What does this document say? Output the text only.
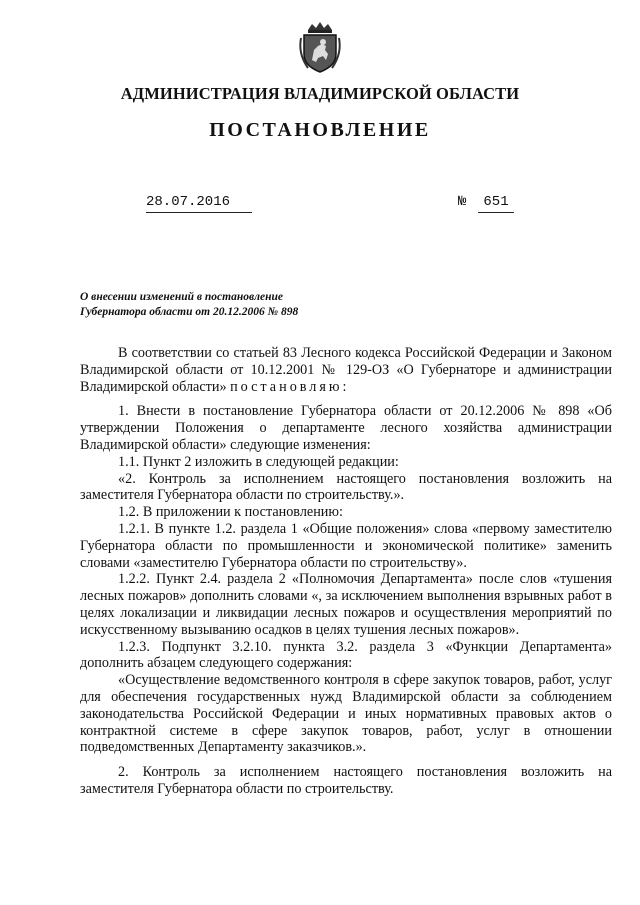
АДМИНИСТРАЦИЯ ВЛАДИМИРСКОЙ ОБЛАСТИ
ПОСТАНОВЛЕНИЕ
28.07.2016	№	651
О внесении изменений в постановление
Губернатора области от 20.12.2006 № 898

В соответствии со статьей 83 Лесного кодекса Российской Федерации и Законом Владимирской области от 10.12.2001 № 129-ОЗ «О Губернаторе и администрации Владимирской области» постановляю:

1. Внести в постановление Губернатора области от 20.12.2006 № 898 «Об утверждении Положения о департаменте лесного хозяйства администрации Владимирской области» следующие изменения:

1.1. Пункт 2 изложить в следующей редакции:

«2. Контроль за исполнением настоящего постановления возложить на заместителя Губернатора области по строительству.».

1.2. В приложении к постановлению:

1.2.1. В пункте 1.2. раздела 1 «Общие положения» слова «первому заместителю Губернатора области по промышленности и экономической политике» заменить словами «заместителю Губернатора области по строительству».

1.2.2. Пункт 2.4. раздела 2 «Полномочия Департамента» после слов «тушения лесных пожаров» дополнить словами «, за исключением выполнения взрывных работ в целях локализации и ликвидации лесных пожаров и осуществления мероприятий по искусственному вызыванию осадков в целях тушения лесных пожаров».

1.2.3. Подпункт 3.2.10. пункта 3.2. раздела 3 «Функции Департамента» дополнить абзацем следующего содержания:

«Осуществление ведомственного контроля в сфере закупок товаров, работ, услуг для обеспечения государственных нужд Владимирской области за соблюдением законодательства Российской Федерации и иных нормативных правовых актов о контрактной системе в сфере закупок товаров, работ, услуг в отношении подведомственных Департаменту заказчиков.».

2. Контроль за исполнением настоящего постановления возложить на заместителя Губернатора области по строительству.
